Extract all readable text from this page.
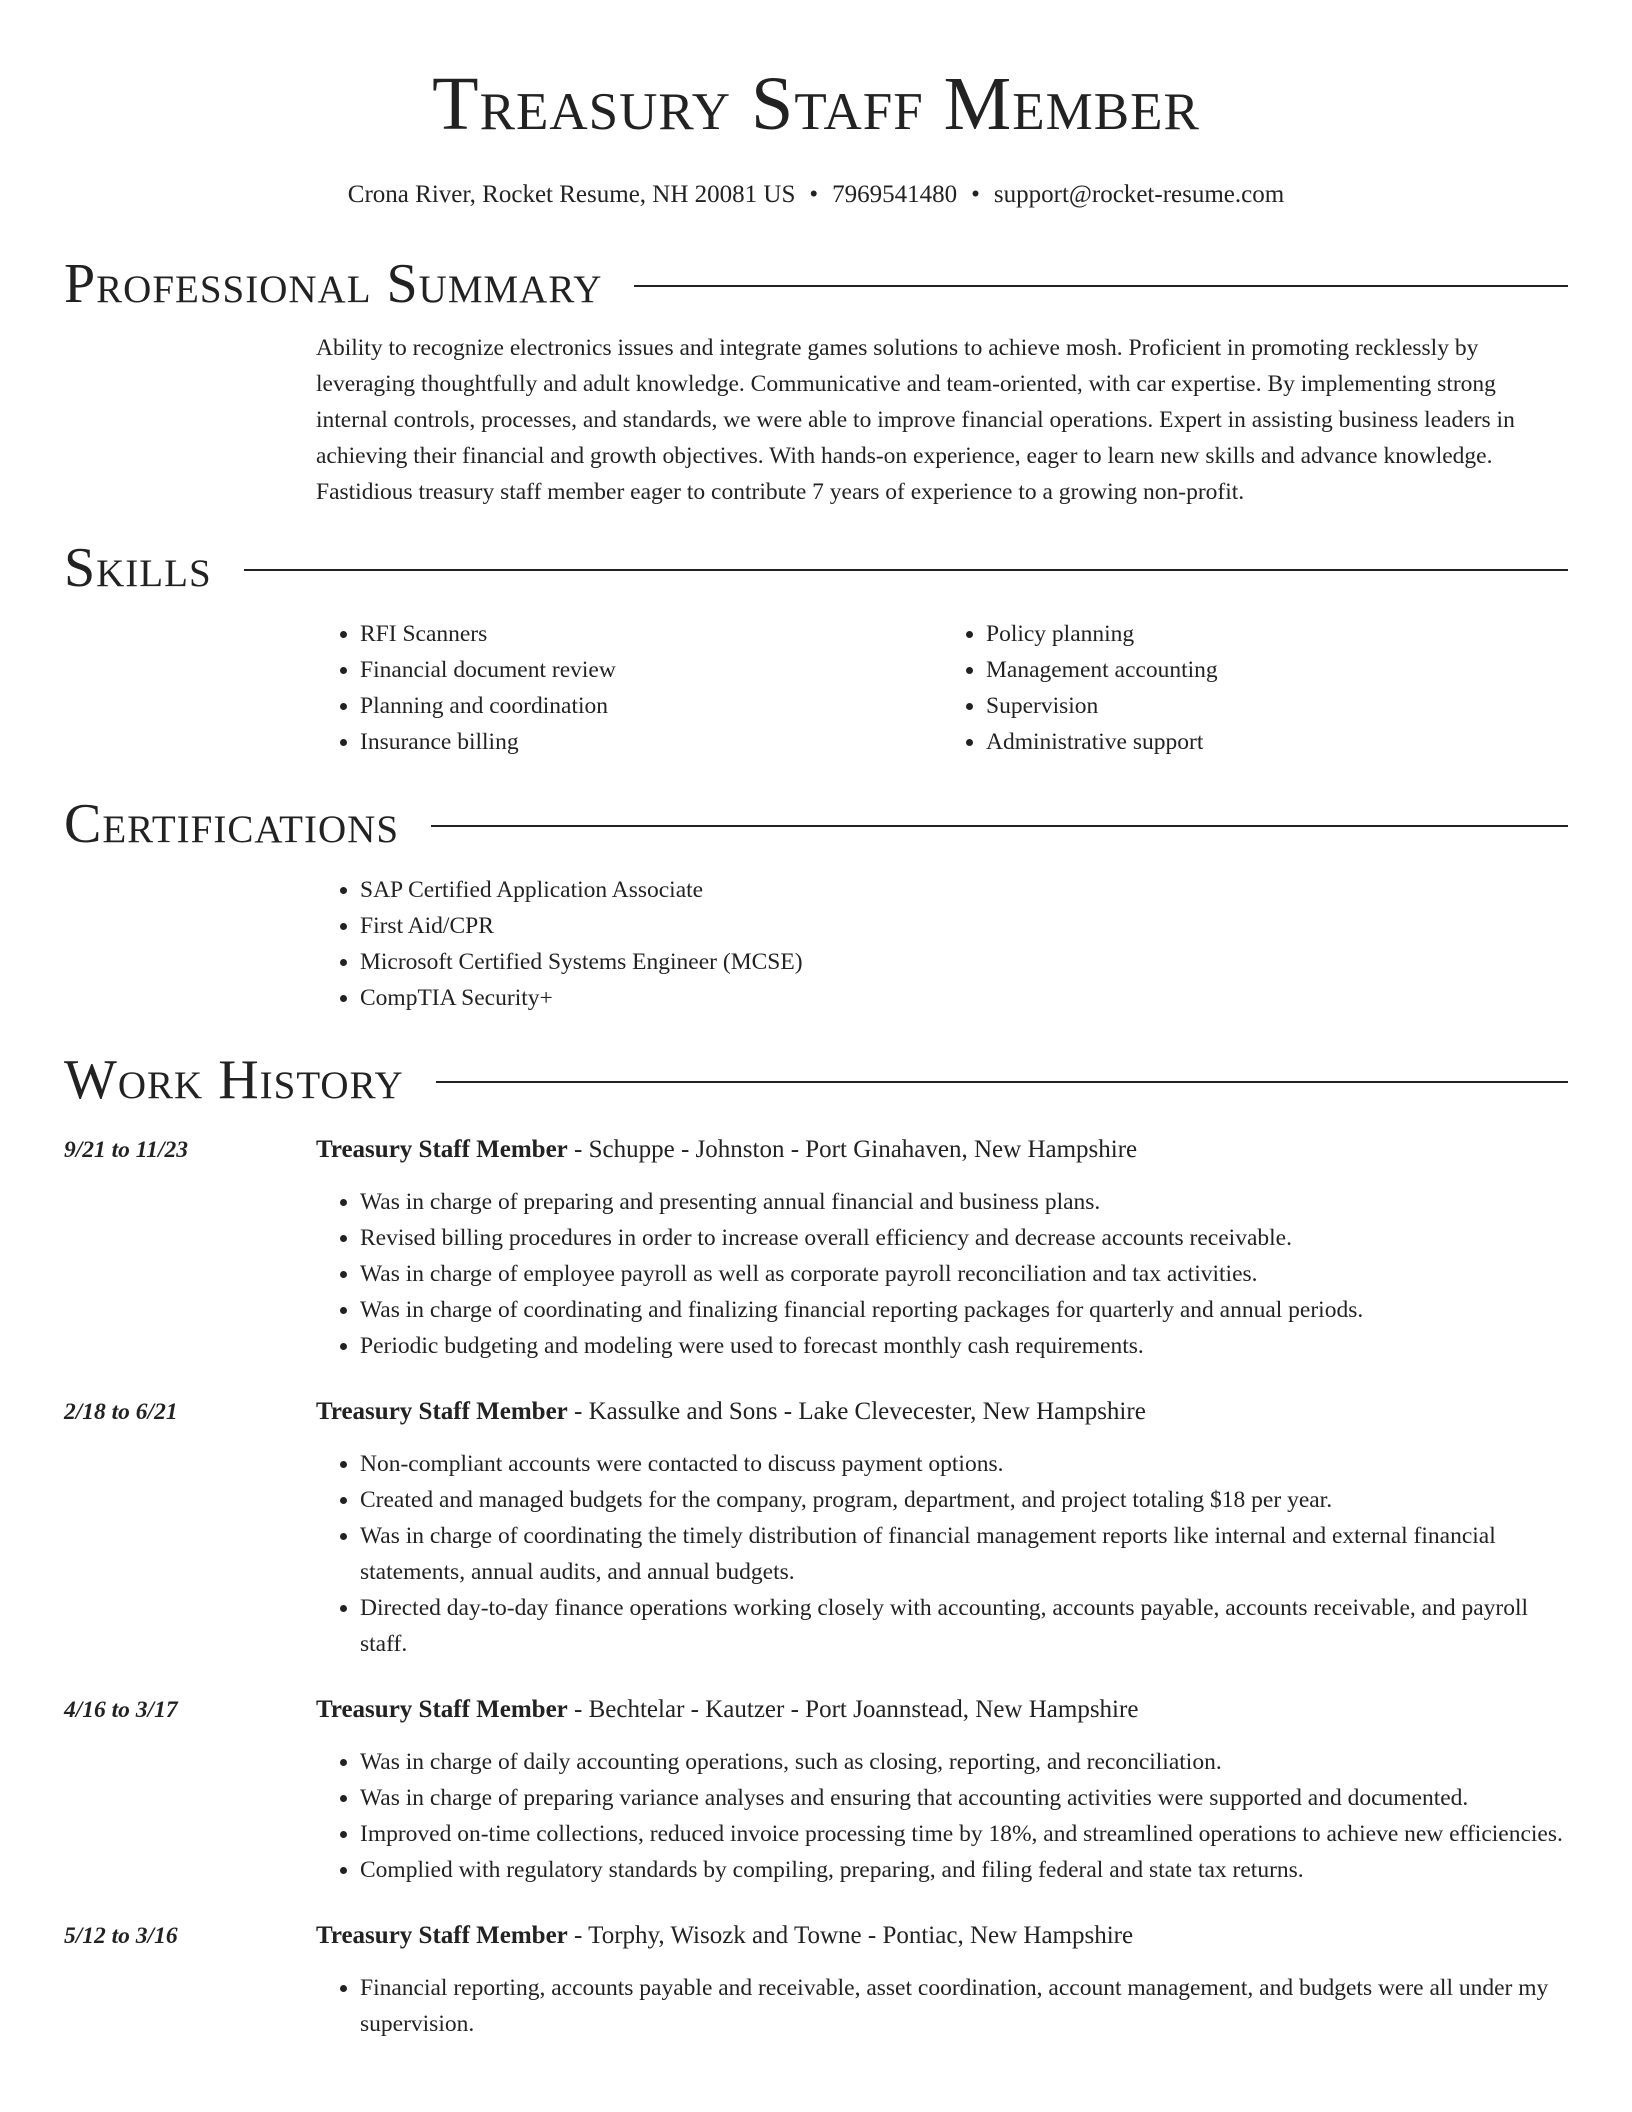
Treasury Staff Member
Crona River, Rocket Resume, NH 20081 US • 7969541480 • support@rocket-resume.com
Professional Summary

Ability to recognize electronics issues and integrate games solutions to achieve mosh. Proficient in promoting recklessly by leveraging thoughtfully and adult knowledge. Communicative and team-oriented, with car expertise. By implementing strong internal controls, processes, and standards, we were able to improve financial operations. Expert in assisting business leaders in achieving their financial and growth objectives. With hands-on experience, eager to learn new skills and advance knowledge. Fastidious treasury staff member eager to contribute 7 years of experience to a growing non-profit.

Skills
• RFI Scanners
• Financial document review
• Planning and coordination
• Insurance billing
• Policy planning
• Management accounting
• Supervision
• Administrative support
Certifications
• SAP Certified Application Associate
• First Aid/CPR
• Microsoft Certified Systems Engineer (MCSE)
• CompTIA Security+
Work History
9/21 to 11/23	Treasury Staff Member - Schuppe - Johnston - Port Ginahaven, New Hampshire
• Was in charge of preparing and presenting annual financial and business plans.
• Revised billing procedures in order to increase overall efficiency and decrease accounts receivable.
• Was in charge of employee payroll as well as corporate payroll reconciliation and tax activities.
• Was in charge of coordinating and finalizing financial reporting packages for quarterly and annual periods.
• Periodic budgeting and modeling were used to forecast monthly cash requirements.
2/18 to 6/21	Treasury Staff Member - Kassulke and Sons - Lake Clevecester, New Hampshire
• Non-compliant accounts were contacted to discuss payment options.
• Created and managed budgets for the company, program, department, and project totaling $18 per year.
• Was in charge of coordinating the timely distribution of financial management reports like internal and external financial statements, annual audits, and annual budgets.
• Directed day-to-day finance operations working closely with accounting, accounts payable, accounts receivable, and payroll staff.
4/16 to 3/17	Treasury Staff Member - Bechtelar - Kautzer - Port Joannstead, New Hampshire
• Was in charge of daily accounting operations, such as closing, reporting, and reconciliation.
• Was in charge of preparing variance analyses and ensuring that accounting activities were supported and documented.
• Improved on-time collections, reduced invoice processing time by 18%, and streamlined operations to achieve new efficiencies.
• Complied with regulatory standards by compiling, preparing, and filing federal and state tax returns.
5/12 to 3/16	Treasury Staff Member - Torphy, Wisozk and Towne - Pontiac, New Hampshire
• Financial reporting, accounts payable and receivable, asset coordination, account management, and budgets were all under my supervision.
